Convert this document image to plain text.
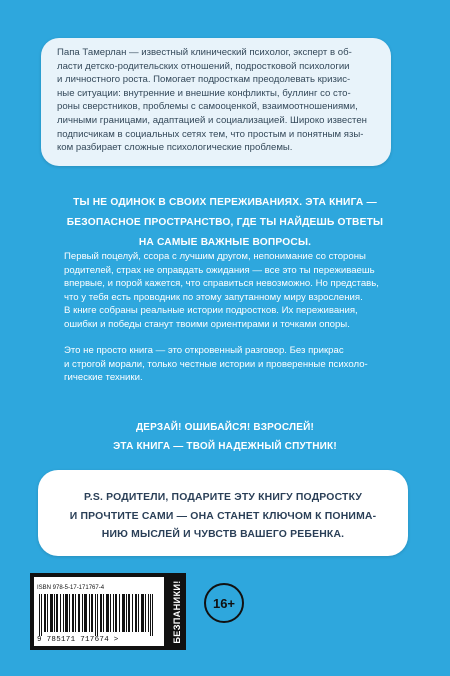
Папа Тамерлан — известный клинический психолог, эксперт в об-
ласти детско-родительских отношений, подростковой психологии
и личностного роста. Помогает подросткам преодолевать кризис-
ные ситуации: внутренние и внешние конфликты, буллинг со сто-
роны сверстников, проблемы с самооценкой, взаимоотношениями,
личными границами, адаптацией и социализацией. Широко известен
подписчикам в социальных сетях тем, что простым и понятным язы-
ком разбирает сложные психологические проблемы.

ТЫ НЕ ОДИНОК В СВОИХ ПЕРЕЖИВАНИЯХ. ЭТА КНИГА —
БЕЗОПАСНОЕ ПРОСТРАНСТВО, ГДЕ ТЫ НАЙДЕШЬ ОТВЕТЫ
НА САМЫЕ ВАЖНЫЕ ВОПРОСЫ.

Первый поцелуй, ссора с лучшим другом, непонимание со стороны
родителей, страх не оправдать ожидания — все это ты переживаешь
впервые, и порой кажется, что справиться невозможно. Но представь,
что у тебя есть проводник по этому запутанному миру взросления.
В книге собраны реальные истории подростков. Их переживания,
ошибки и победы станут твоими ориентирами и точками опоры.

Это не просто книга — это откровенный разговор. Без прикрас
и строгой морали, только честные истории и проверенные психоло-
гические техники.

ДЕРЗАЙ! ОШИБАЙСЯ! ВЗРОСЛЕЙ!
ЭТА КНИГА — ТВОЙ НАДЕЖНЫЙ СПУТНИК!
P.S. РОДИТЕЛИ, ПОДАРИТЕ ЭТУ КНИГУ ПОДРОСТКУ
И ПРОЧТИТЕ САМИ — ОНА СТАНЕТ КЛЮЧОМ К ПОНИМА-
НИЮ МЫСЛЕЙ И ЧУВСТВ ВАШЕГО РЕБЕНКА.
ISBN 978-5-17-171767-4
9 785171 717674 >	БЕЗПАНИКИ!	16+
